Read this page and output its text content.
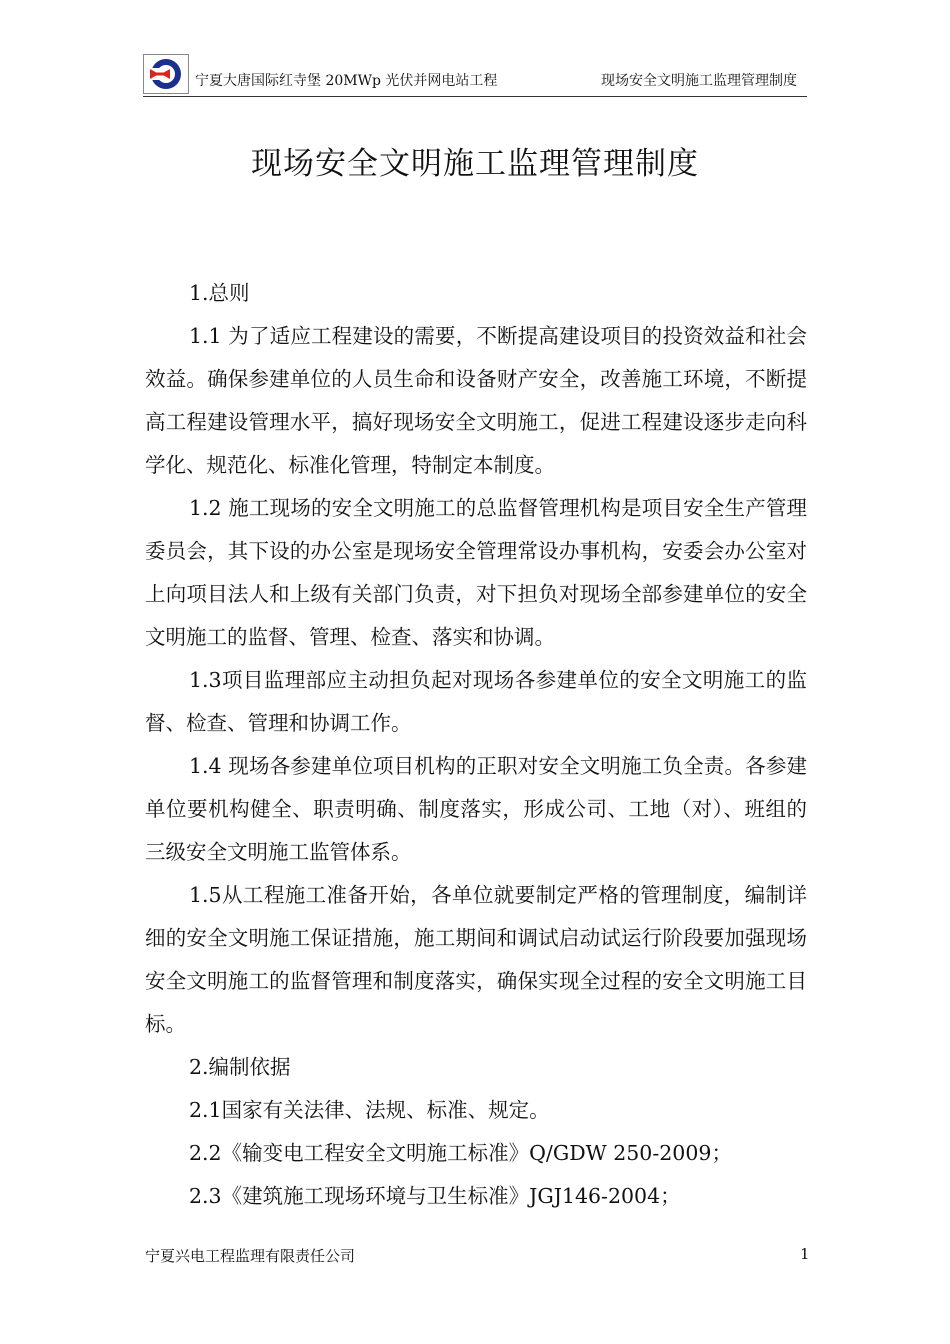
宁夏大唐国际红寺堡 20MWp 光伏并网电站工程	现场安全文明施工监理管理制度
现场安全文明施工监理管理制度

1.总则

1.1 为了适应工程建设的需要，不断提高建设项目的投资效益和社会效益。确保参建单位的人员生命和设备财产安全，改善施工环境，不断提高工程建设管理水平，搞好现场安全文明施工，促进工程建设逐步走向科学化、规范化、标准化管理，特制定本制度。

1.2 施工现场的安全文明施工的总监督管理机构是项目安全生产管理委员会，其下设的办公室是现场安全管理常设办事机构，安委会办公室对上向项目法人和上级有关部门负责，对下担负对现场全部参建单位的安全文明施工的监督、管理、检查、落实和协调。

1.3项目监理部应主动担负起对现场各参建单位的安全文明施工的监督、检查、管理和协调工作。

1.4 现场各参建单位项目机构的正职对安全文明施工负全责。各参建单位要机构健全、职责明确、制度落实，形成公司、工地（对）、班组的三级安全文明施工监管体系。

1.5从工程施工准备开始，各单位就要制定严格的管理制度，编制详细的安全文明施工保证措施，施工期间和调试启动试运行阶段要加强现场安全文明施工的监督管理和制度落实，确保实现全过程的安全文明施工目标。

2.编制依据

2.1国家有关法律、法规、标准、规定。

2.2《输变电工程安全文明施工标准》Q/GDW 250-2009；

2.3《建筑施工现场环境与卫生标准》JGJ146-2004；

宁夏兴电工程监理有限责任公司	1
